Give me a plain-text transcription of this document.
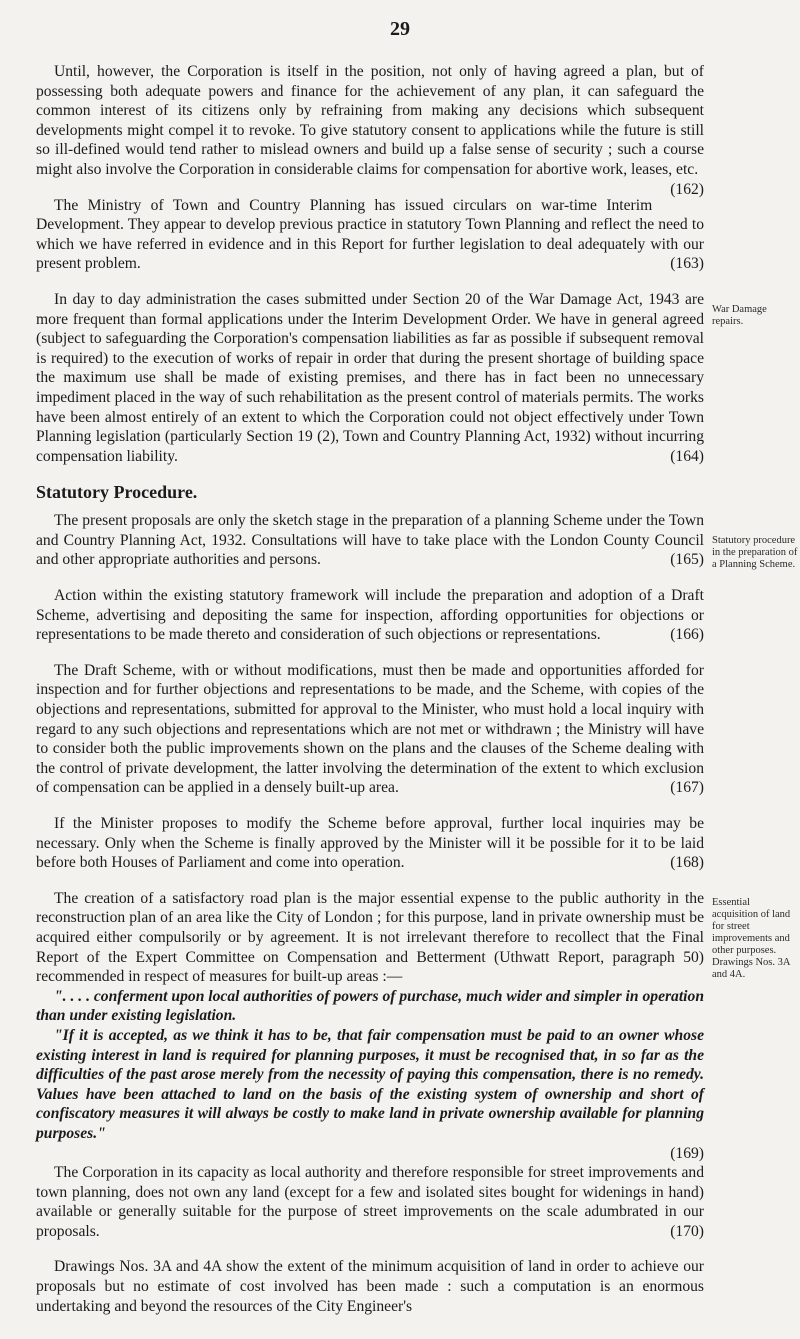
29

Until, however, the Corporation is itself in the position, not only of having agreed a plan, but of possessing both adequate powers and finance for the achievement of any plan, it can safeguard the common interest of its citizens only by refraining from making any decisions which subsequent developments might compel it to revoke. To give statutory consent to applications while the future is still so ill-defined would tend rather to mislead owners and build up a false sense of security ; such a course might also involve the Corporation in considerable claims for compensation for abortive work, leases, etc.
(162)

The Ministry of Town and Country Planning has issued circulars on war-time Interim Development. They appear to develop previous practice in statutory Town Planning and reflect the need to which we have referred in evidence and in this Report for further legislation to deal adequately with our present problem.	(163)

In day to day administration the cases submitted under Section 20 of the War Damage Act, 1943 are more frequent than formal applications under the Interim Development Order. We have in general agreed (subject to safeguarding the Corporation's compensation liabilities as far as possible if subsequent removal is required) to the execution of works of repair in order that during the present shortage of building space the maximum use shall be made of existing premises, and there has in fact been no unnecessary impediment placed in the way of such rehabilitation as the present control of materials permits. The works have been almost entirely of an extent to which the Corporation could not object effectively under Town Planning legislation (particularly Section 19 (2), Town and Country Planning Act, 1932) without incurring compensation liability.	(164)

Statutory Procedure.

The present proposals are only the sketch stage in the preparation of a planning Scheme under the Town and Country Planning Act, 1932. Consultations will have to take place with the London County Council and other appropriate authorities and persons.	(165)

Action within the existing statutory framework will include the preparation and adoption of a Draft Scheme, advertising and depositing the same for inspection, affording opportunities for objections or representations to be made thereto and consideration of such objections or representations.	(166)

The Draft Scheme, with or without modifications, must then be made and opportunities afforded for inspection and for further objections and representations to be made, and the Scheme, with copies of the objections and representations, submitted for approval to the Minister, who must hold a local inquiry with regard to any such objections and representations which are not met or withdrawn ; the Ministry will have to consider both the public improvements shown on the plans and the clauses of the Scheme dealing with the control of private development, the latter involving the determination of the extent to which exclusion of compensation can be applied in a densely built-up area.	(167)

If the Minister proposes to modify the Scheme before approval, further local inquiries may be necessary. Only when the Scheme is finally approved by the Minister will it be possible for it to be laid before both Houses of Parliament and come into operation.	(168)

The creation of a satisfactory road plan is the major essential expense to the public authority in the reconstruction plan of an area like the City of London ; for this purpose, land in private ownership must be acquired either compulsorily or by agreement. It is not irrelevant therefore to recollect that the Final Report of the Expert Committee on Compensation and Betterment (Uthwatt Report, paragraph 50) recommended in respect of measures for built-up areas :—

". . . . conferment upon local authorities of powers of purchase, much wider and simpler in operation than under existing legislation.

"If it is accepted, as we think it has to be, that fair compensation must be paid to an owner whose existing interest in land is required for planning purposes, it must be recognised that, in so far as the difficulties of the past arose merely from the necessity of paying this compensation, there is no remedy. Values have been attached to land on the basis of the existing system of ownership and short of confiscatory measures it will always be costly to make land in private ownership available for planning purposes."

(169)

The Corporation in its capacity as local authority and therefore responsible for street improvements and town planning, does not own any land (except for a few and isolated sites bought for widenings in hand) available or generally suitable for the purpose of street improvements on the scale adumbrated in our proposals.	(170)

Drawings Nos. 3A and 4A show the extent of the minimum acquisition of land in order to achieve our proposals but no estimate of cost involved has been made : such a computation is an enormous undertaking and beyond the resources of the City Engineer's

War Damage repairs.
Statutory procedure in the preparation of a Planning Scheme.
Essential acquisition of land for street improvements and other purposes. Drawings Nos. 3A and 4A.
